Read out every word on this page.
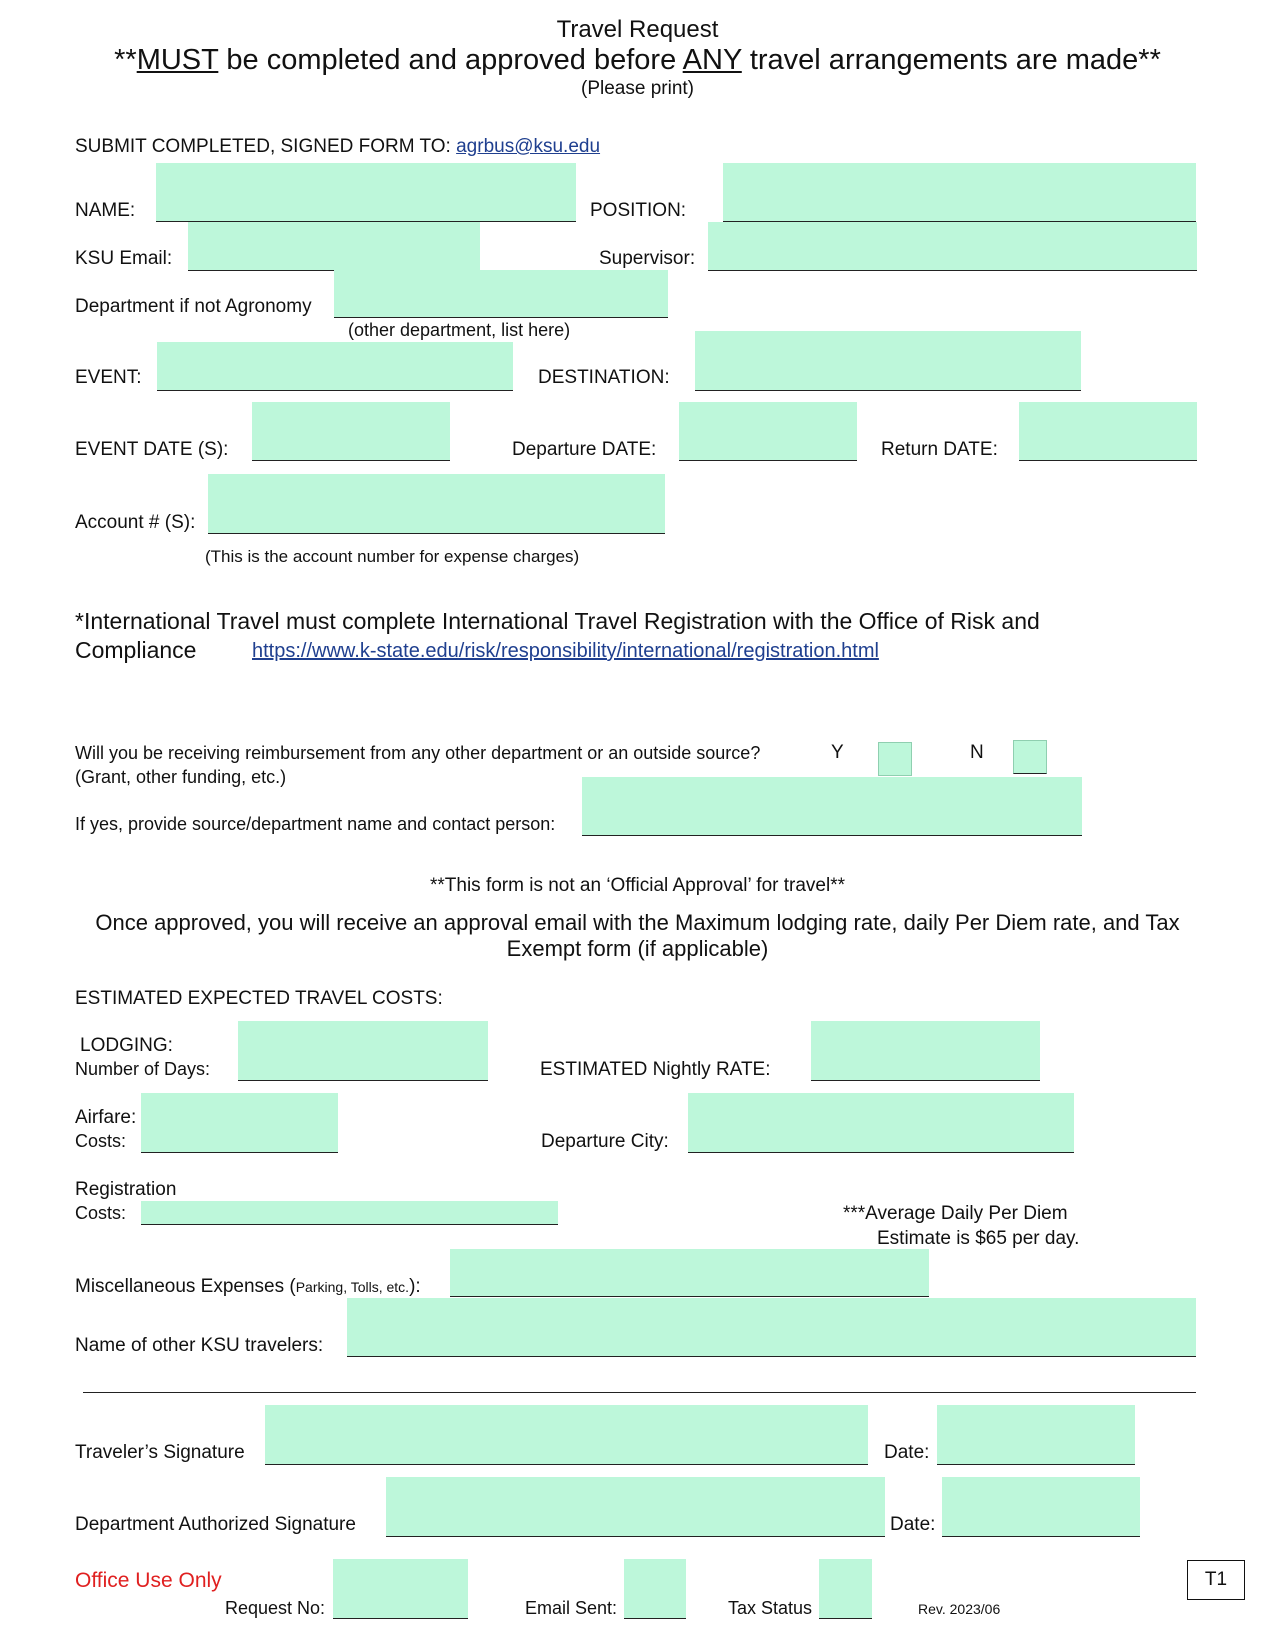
Travel Request
**MUST be completed and approved before ANY travel arrangements are made**
(Please print)
SUBMIT COMPLETED, SIGNED FORM TO: agrbus@ksu.edu
NAME:	POSITION:
KSU Email:	Supervisor:
Department if not Agronomy
(other department, list here)
EVENT:	DESTINATION:
EVENT DATE (S):	Departure DATE:	Return DATE:
Account # (S):
(This is the account number for expense charges)
*International Travel must complete International Travel Registration with the Office of Risk and
Compliance	https://www.k-state.edu/risk/responsibility/international/registration.html
Will you be receiving reimbursement from any other department or an outside source?
(Grant, other funding, etc.)
Y	N
If yes, provide source/department name and contact person:
**This form is not an ‘Official Approval’ for travel**
Once approved, you will receive an approval email with the Maximum lodging rate, daily Per Diem rate, and Tax
Exempt form (if applicable)
ESTIMATED EXPECTED TRAVEL COSTS:
LODGING:
Number of Days:	ESTIMATED Nightly RATE:
Airfare:
Costs:	Departure City:
Registration
Costs:	***Average Daily Per Diem
Estimate is $65 per day.
Miscellaneous Expenses (Parking, Tolls, etc.):
Name of other KSU travelers:
Traveler’s Signature	Date:
Department Authorized Signature	Date:
Office Use Only
Request No:	Email Sent:	Tax Status	Rev. 2023/06
T1
